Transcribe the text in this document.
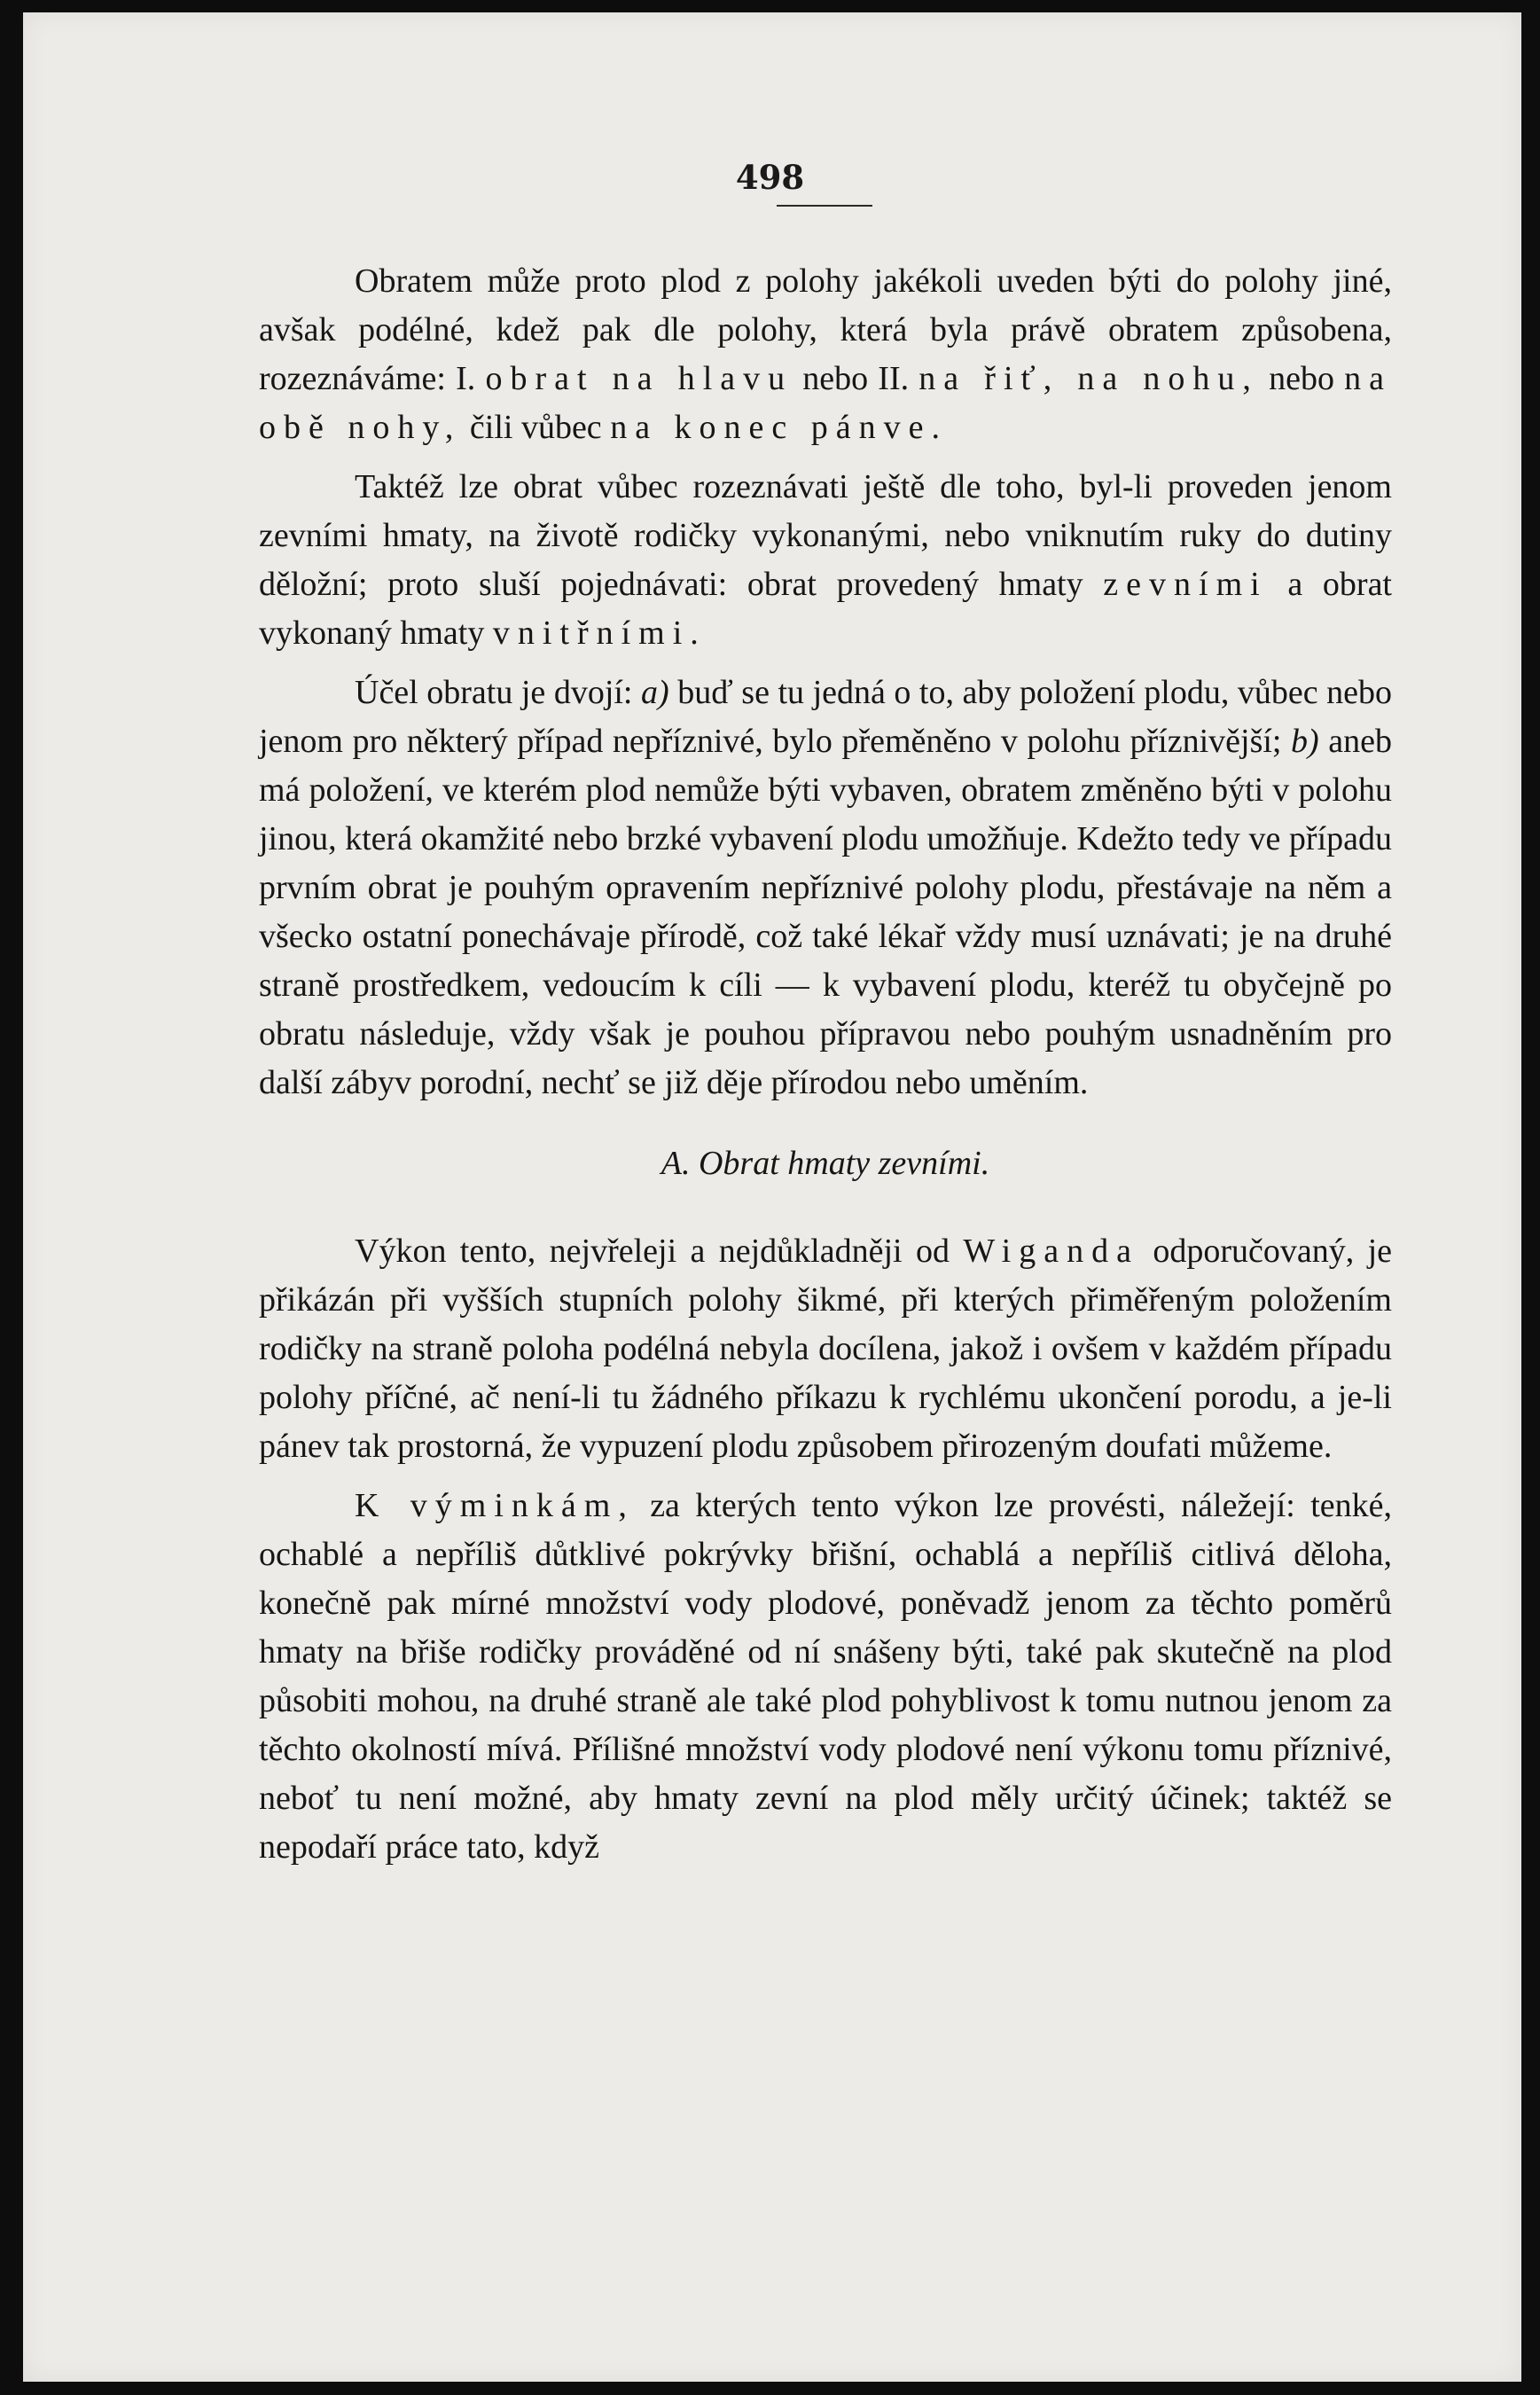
498

Obratem může proto plod z polohy jakékoli uveden býti do polohy jiné, avšak podélné, kdež pak dle polohy, která byla právě obratem způsobena, rozeznáváme: I. obrat na hlavu nebo II. na řiť, na nohu, nebo na obě nohy, čili vůbec na konec pánve.

Taktéž lze obrat vůbec rozeznávati ještě dle toho, byl-li proveden jenom zevními hmaty, na životě rodičky vykonanými, nebo vniknutím ruky do dutiny děložní; proto sluší pojednávati: obrat provedený hmaty zevními a obrat vykonaný hmaty vnitřními.

Účel obratu je dvojí: a) buď se tu jedná o to, aby položení plodu, vůbec nebo jenom pro některý případ nepříznivé, bylo přeměněno v polohu příznivější; b) aneb má položení, ve kterém plod nemůže býti vybaven, obratem změněno býti v polohu jinou, která okamžité nebo brzké vybavení plodu umožňuje. Kdežto tedy ve případu prvním obrat je pouhým opravením nepříznivé polohy plodu, přestávaje na něm a všecko ostatní ponechávaje přírodě, což také lékař vždy musí uznávati; je na druhé straně prostředkem, vedoucím k cíli — k vybavení plodu, kteréž tu obyčejně po obratu následuje, vždy však je pouhou přípravou nebo pouhým usnadněním pro další zábyv porodní, nechť se již děje přírodou nebo uměním.

A. Obrat hmaty zevními.

Výkon tento, nejvřeleji a nejdůkladněji od Wiganda odporučovaný, je přikázán při vyšších stupních polohy šikmé, při kterých přiměřeným položením rodičky na straně poloha podélná nebyla docílena, jakož i ovšem v každém případu polohy příčné, ač není-li tu žádného příkazu k rychlému ukončení porodu, a je-li pánev tak prostorná, že vypuzení plodu způsobem přirozeným doufati můžeme.

K výminkám, za kterých tento výkon lze provésti, náležejí: tenké, ochablé a nepříliš důtklivé pokrývky břišní, ochablá a nepříliš citlivá děloha, konečně pak mírné množství vody plodové, poněvadž jenom za těchto poměrů hmaty na břiše rodičky prováděné od ní snášeny býti, také pak skutečně na plod působiti mohou, na druhé straně ale také plod pohyblivost k tomu nutnou jenom za těchto okolností mívá. Přílišné množství vody plodové není výkonu tomu příznivé, neboť tu není možné, aby hmaty zevní na plod měly určitý účinek; taktéž se nepodaří práce tato, když
